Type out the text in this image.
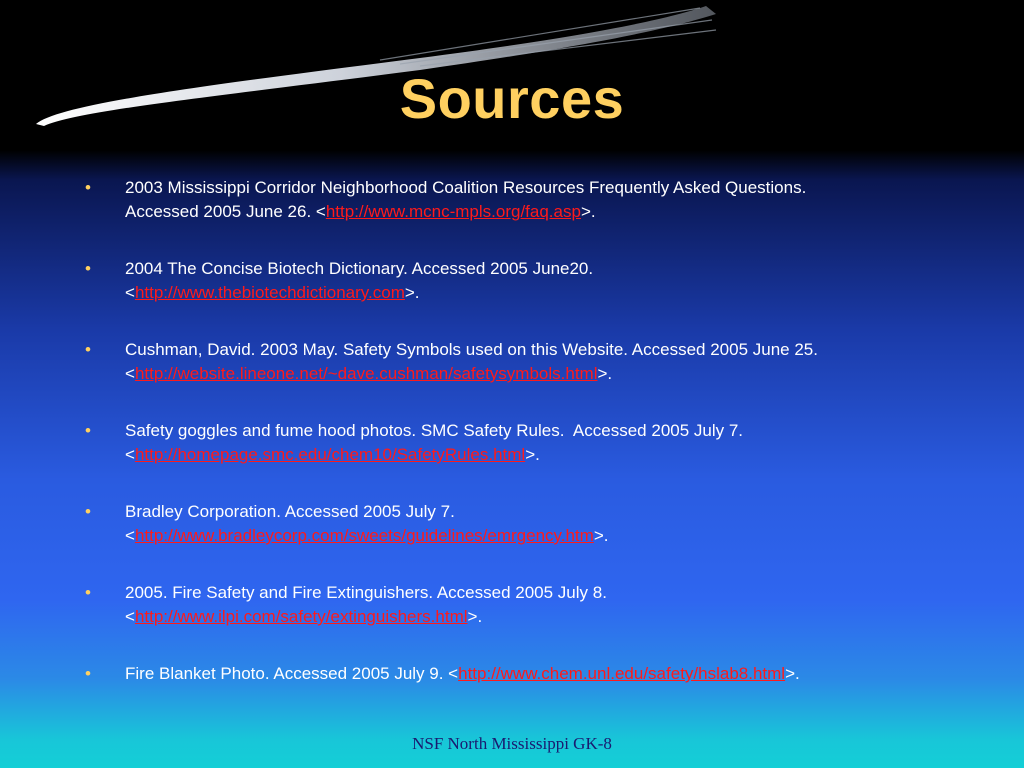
Sources
• 2003 Mississippi Corridor Neighborhood Coalition Resources Frequently Asked Questions.
Accessed 2005 June 26. <http://www.mcnc-mpls.org/faq.asp>.
• 2004 The Concise Biotech Dictionary. Accessed 2005 June20.
<http://www.thebiotechdictionary.com>.
• Cushman, David. 2003 May. Safety Symbols used on this Website. Accessed 2005 June 25.
<http://website.lineone.net/~dave.cushman/safetysymbols.html>.
• Safety goggles and fume hood photos. SMC Safety Rules.  Accessed 2005 July 7.
<http://homepage.smc.edu/chem10/SafetyRules.html>.
• Bradley Corporation. Accessed 2005 July 7.
<http://www.bradleycorp.com/sweets/guidelines/emrgency.htm>.
• 2005. Fire Safety and Fire Extinguishers. Accessed 2005 July 8.
<http://www.ilpi.com/safety/extinguishers.html>.
• Fire Blanket Photo. Accessed 2005 July 9. <http://www.chem.unl.edu/safety/hslab8.html>.
NSF North Mississippi GK-8
